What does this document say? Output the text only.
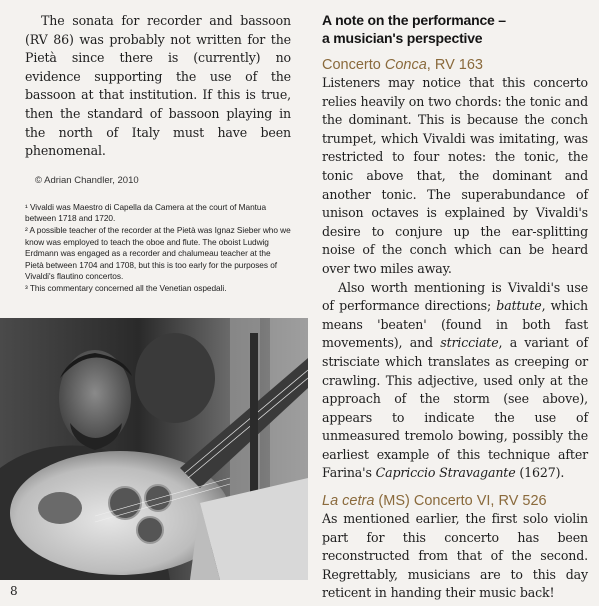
The sonata for recorder and bassoon (RV 86) was probably not written for the Pietà since there is (currently) no evidence supporting the use of the bassoon at that institution. If this is true, then the standard of bassoon playing in the north of Italy must have been phenomenal.

© Adrian Chandler, 2010

¹ Vivaldi was Maestro di Capella da Camera at the court of Mantua between 1718 and 1720.

² A possible teacher of the recorder at the Pietà was Ignaz Sieber who we know was employed to teach the oboe and flute. The oboist Ludwig Erdmann was engaged as a recorder and chalumeau teacher at the Pietà between 1704 and 1708, but this is too early for the purposes of Vivaldi's flautino concertos.

³ This commentary concerned all the Venetian ospedali.

8

A note on the performance –
a musician's perspective

Concerto Conca, RV 163

Listeners may notice that this concerto relies heavily on two chords: the tonic and the dominant. This is because the conch trumpet, which Vivaldi was imitating, was restricted to four notes: the tonic, the tonic above that, the dominant and another tonic. The superabundance of unison octaves is explained by Vivaldi's desire to conjure up the ear-splitting noise of the conch which can be heard over two miles away.

Also worth mentioning is Vivaldi's use of performance directions; battute, which means 'beaten' (found in both fast movements), and stricciate, a variant of strisciate which translates as creeping or crawling. This adjective, used only at the approach of the storm (see above), appears to indicate the use of unmeasured tremolo bowing, possibly the earliest example of this technique after Farina's Capriccio Stravagante (1627).

La cetra (MS) Concerto VI, RV 526

As mentioned earlier, the first solo violin part for this concerto has been reconstructed from that of the second. Regrettably, musicians are to this day reticent in handing their music back!
